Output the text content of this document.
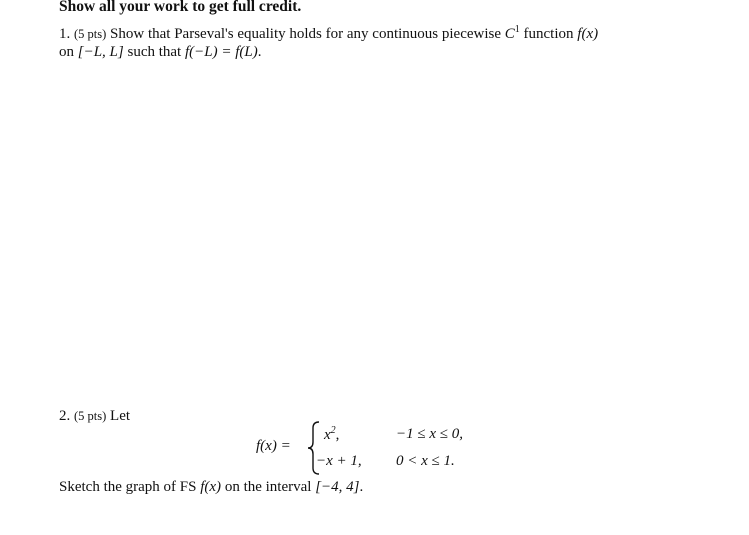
Show all your work to get full credit.
1. (5 pts) Show that Parseval's equality holds for any continuous piecewise $C^1$ function f(x)
on [−L, L] such that f(−L) = f(L).
2. (5 pts) Let
f(x) =
$x^2$,	−1 ≤ x ≤ 0,
−x + 1, 0 < x ≤ 1.
Sketch the graph of FS f(x) on the interval [−4, 4].
